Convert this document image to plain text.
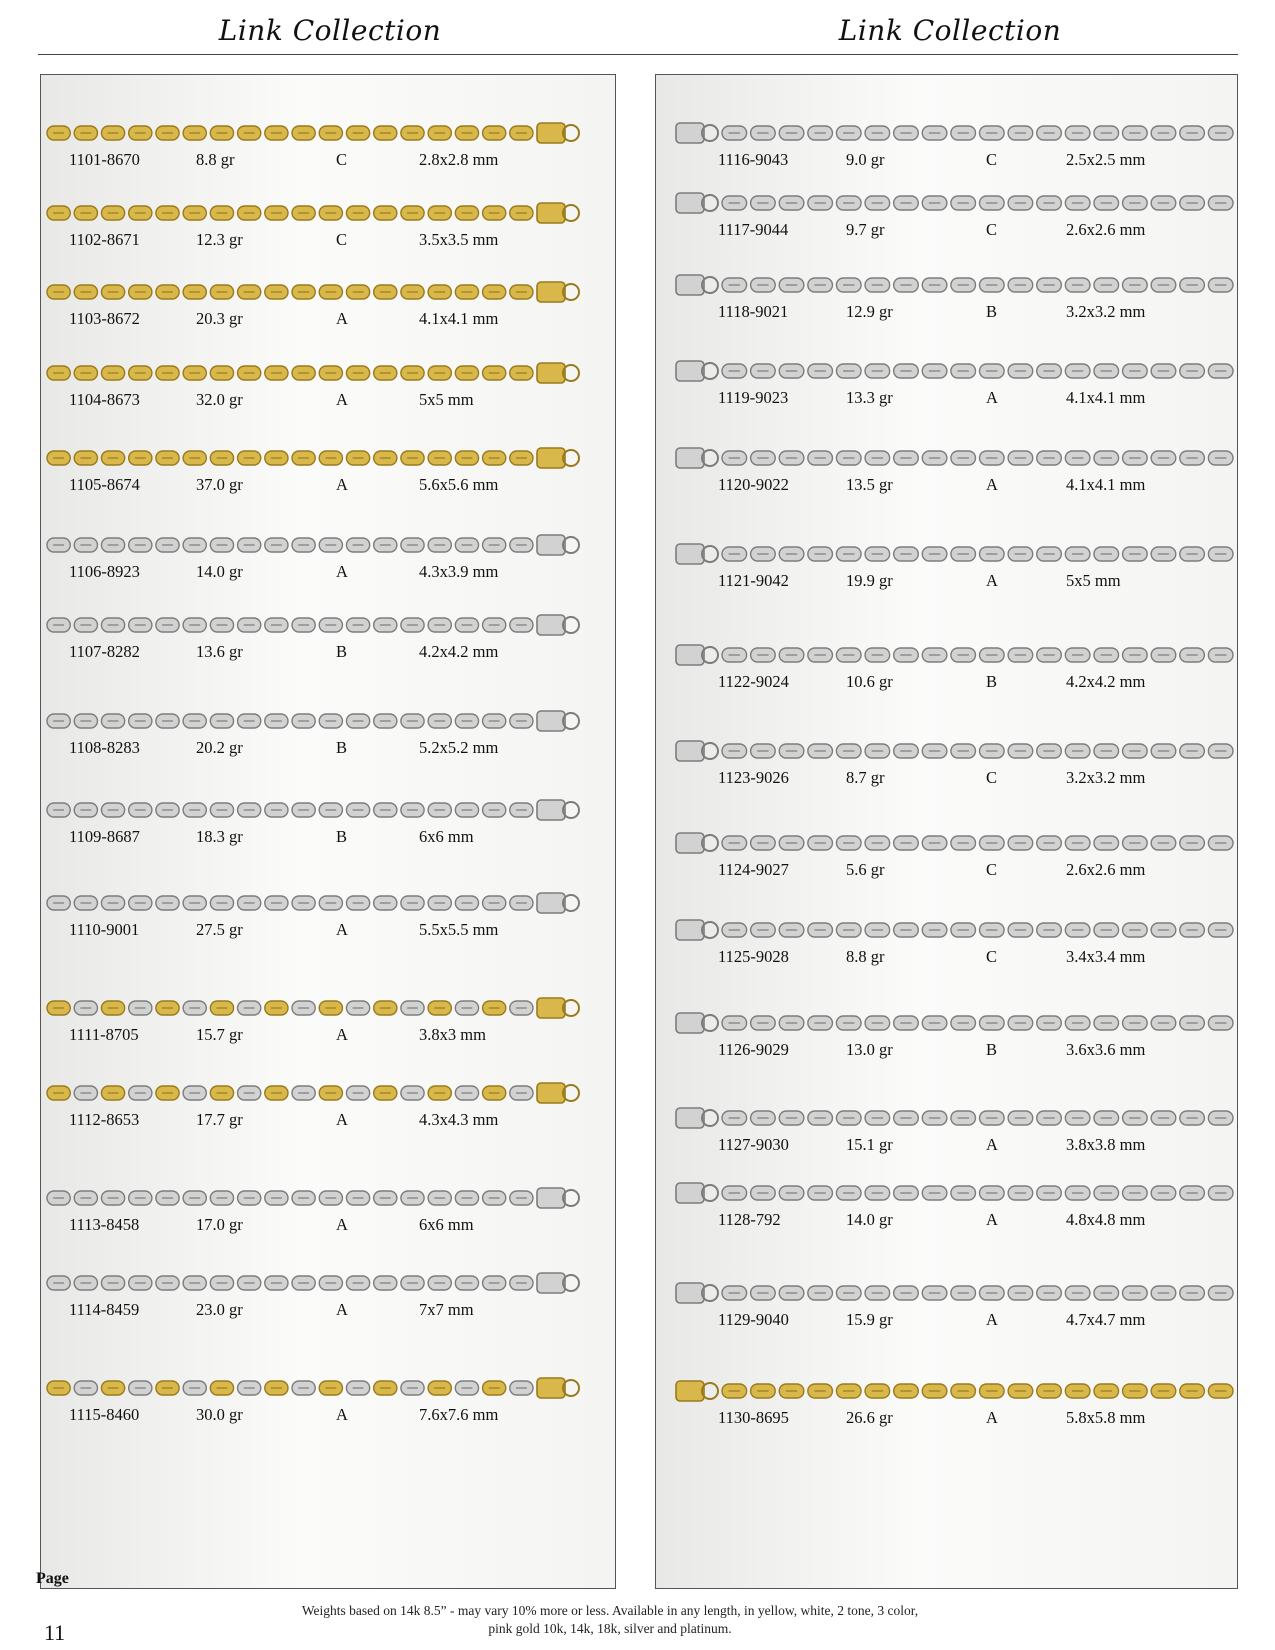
Link Collection	Link Collection
1101-8670	8.8 gr	C	2.8x2.8 mm
1102-8671	12.3 gr	C	3.5x3.5 mm
1103-8672	20.3 gr	A	4.1x4.1 mm
1104-8673	32.0 gr	A	5x5 mm
1105-8674	37.0 gr	A	5.6x5.6 mm
1106-8923	14.0 gr	A	4.3x3.9 mm
1107-8282	13.6 gr	B	4.2x4.2 mm
1108-8283	20.2 gr	B	5.2x5.2 mm
1109-8687	18.3 gr	B	6x6 mm
1110-9001	27.5 gr	A	5.5x5.5 mm
1111-8705	15.7 gr	A	3.8x3 mm
1112-8653	17.7 gr	A	4.3x4.3 mm
1113-8458	17.0 gr	A	6x6 mm
1114-8459	23.0 gr	A	7x7 mm
1115-8460	30.0 gr	A	7.6x7.6 mm
1116-9043	9.0 gr	C	2.5x2.5 mm
1117-9044	9.7 gr	C	2.6x2.6 mm
1118-9021	12.9 gr	B	3.2x3.2 mm
1119-9023	13.3 gr	A	4.1x4.1 mm
1120-9022	13.5 gr	A	4.1x4.1 mm
1121-9042	19.9 gr	A	5x5 mm
1122-9024	10.6 gr	B	4.2x4.2 mm
1123-9026	8.7 gr	C	3.2x3.2 mm
1124-9027	5.6 gr	C	2.6x2.6 mm
1125-9028	8.8 gr	C	3.4x3.4 mm
1126-9029	13.0 gr	B	3.6x3.6 mm
1127-9030	15.1 gr	A	3.8x3.8 mm
1128-792	14.0 gr	A	4.8x4.8 mm
1129-9040	15.9 gr	A	4.7x4.7 mm
1130-8695	26.6 gr	A	5.8x5.8 mm
Weights based on 14k 8.5” - may vary 10% more or less. Available in any length, in yellow, white, 2 tone, 3 color,
pink gold 10k, 14k, 18k, silver and platinum.
Page
11
